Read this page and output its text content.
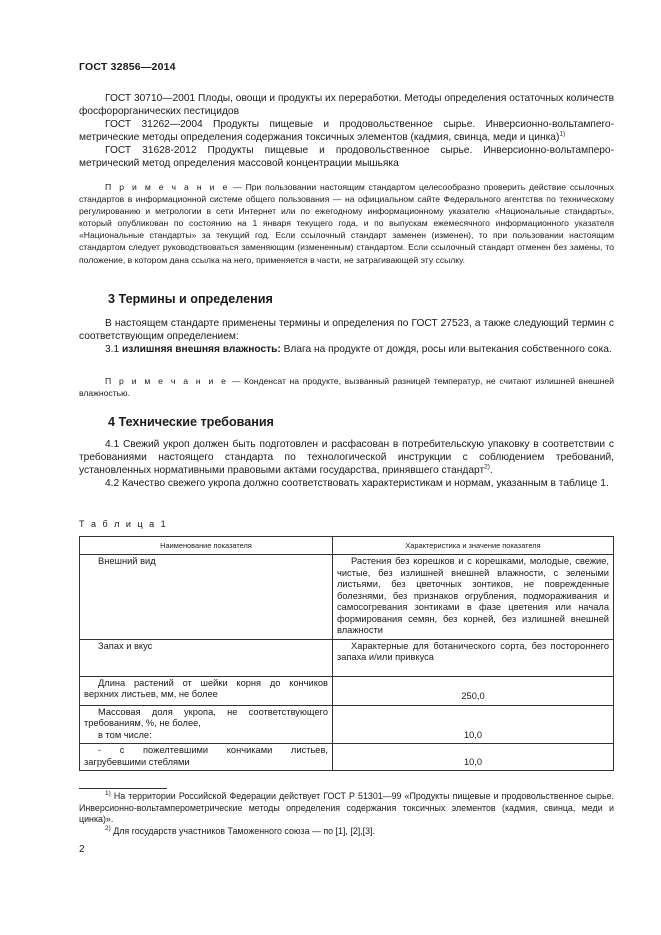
ГОСТ 32856—2014

ГОСТ 30710—2001 Плоды, овощи и продукты их переработки. Методы определения остаточных количеств фосфорорганических пестицидов

ГОСТ 31262—2004 Продукты пищевые и продовольственное сырье. Инверсионно-вольтампero-метрические методы определения содержания токсичных элементов (кадмия, свинца, меди и цинка)$^{1)}$

ГОСТ 31628-2012 Продукты пищевые и продовольственное сырье. Инверсионно-вольтамперо-метрический метод определения массовой концентрации мышьяка

П р и м е ч а н и е — При пользовании настоящим стандартом целесообразно проверить действие ссылочных стандартов в информационной системе общего пользования — на официальном сайте Федерального агентства по техническому регулированию и метрологии в сети Интернет или по ежегодному информационному указателю «Национальные стандарты», который опубликован по состоянию на 1 января текущего года, и по выпускам ежемесячного информационного указателя «Национальные стандарты» за текущий год. Если ссылочный стандарт заменен (изменен), то при пользовании настоящим стандартом следует руководствоваться заменяющим (измененным) стандартом. Если ссылочный стандарт отменен без замены, то положение, в котором дана ссылка на него, применяется в части, не затрагивающей эту ссылку.

3 Термины и определения

В настоящем стандарте применены термины и определения по ГОСТ 27523, а также следующий термин с соответствующим определением:

3.1 излишняя внешняя влажность: Влага на продукте от дождя, росы или вытекания собственного сока.

П р и м е ч а н и е — Конденсат на продукте, вызванный разницей температур, не считают излишней внешней влажностью.

4 Технические требования

4.1 Свежий укроп должен быть подготовлен и расфасован в потребительскую упаковку в соответствии с требованиями настоящего стандарта по технологической инструкции с соблюдением требований, установленных нормативными правовыми актами государства, принявшего стандарт$^{2)}$.

4.2 Качество свежего укропа должно соответствовать характеристикам и нормам, указанным в таблице 1.

Т а б л и ц а 1
Наименование показателя	Характеристика и значение показателя

Внешний вид	Растения без корешков и с корешками, молодые, свежие, чистые, без излишней внешней влажности, с зелеными листьями, без цветочных зонтиков, не поврежденные болезнями, без признаков огрубления, подмораживания и самосогревания зонтиками в фазе цветения или начала формирования семян, без корней, без излишней внешней влажности

Запах и вкус	Характерные для ботанического сорта, без постороннего запаха и/или привкуса

Длина растений от шейки корня до кончиков верхних листьев, мм, не более	250,0

Массовая доля укропа, не соответствующего требованиям, %, не более,
в том числе:	10,0

- с пожелтевшими кончиками листьев, загрубевшими стеблями	10,0

$^{1)}$ На территории Российской Федерации действует ГОСТ Р 51301—99 «Продукты пищевые и продовольственное сырье. Инверсионно-вольтамперометрические методы определения содержания токсичных элементов (кадмия, свинца, меди и цинка)».

$^{2)}$ Для государств участников Таможенного союза — по [1], [2],[3].

2
